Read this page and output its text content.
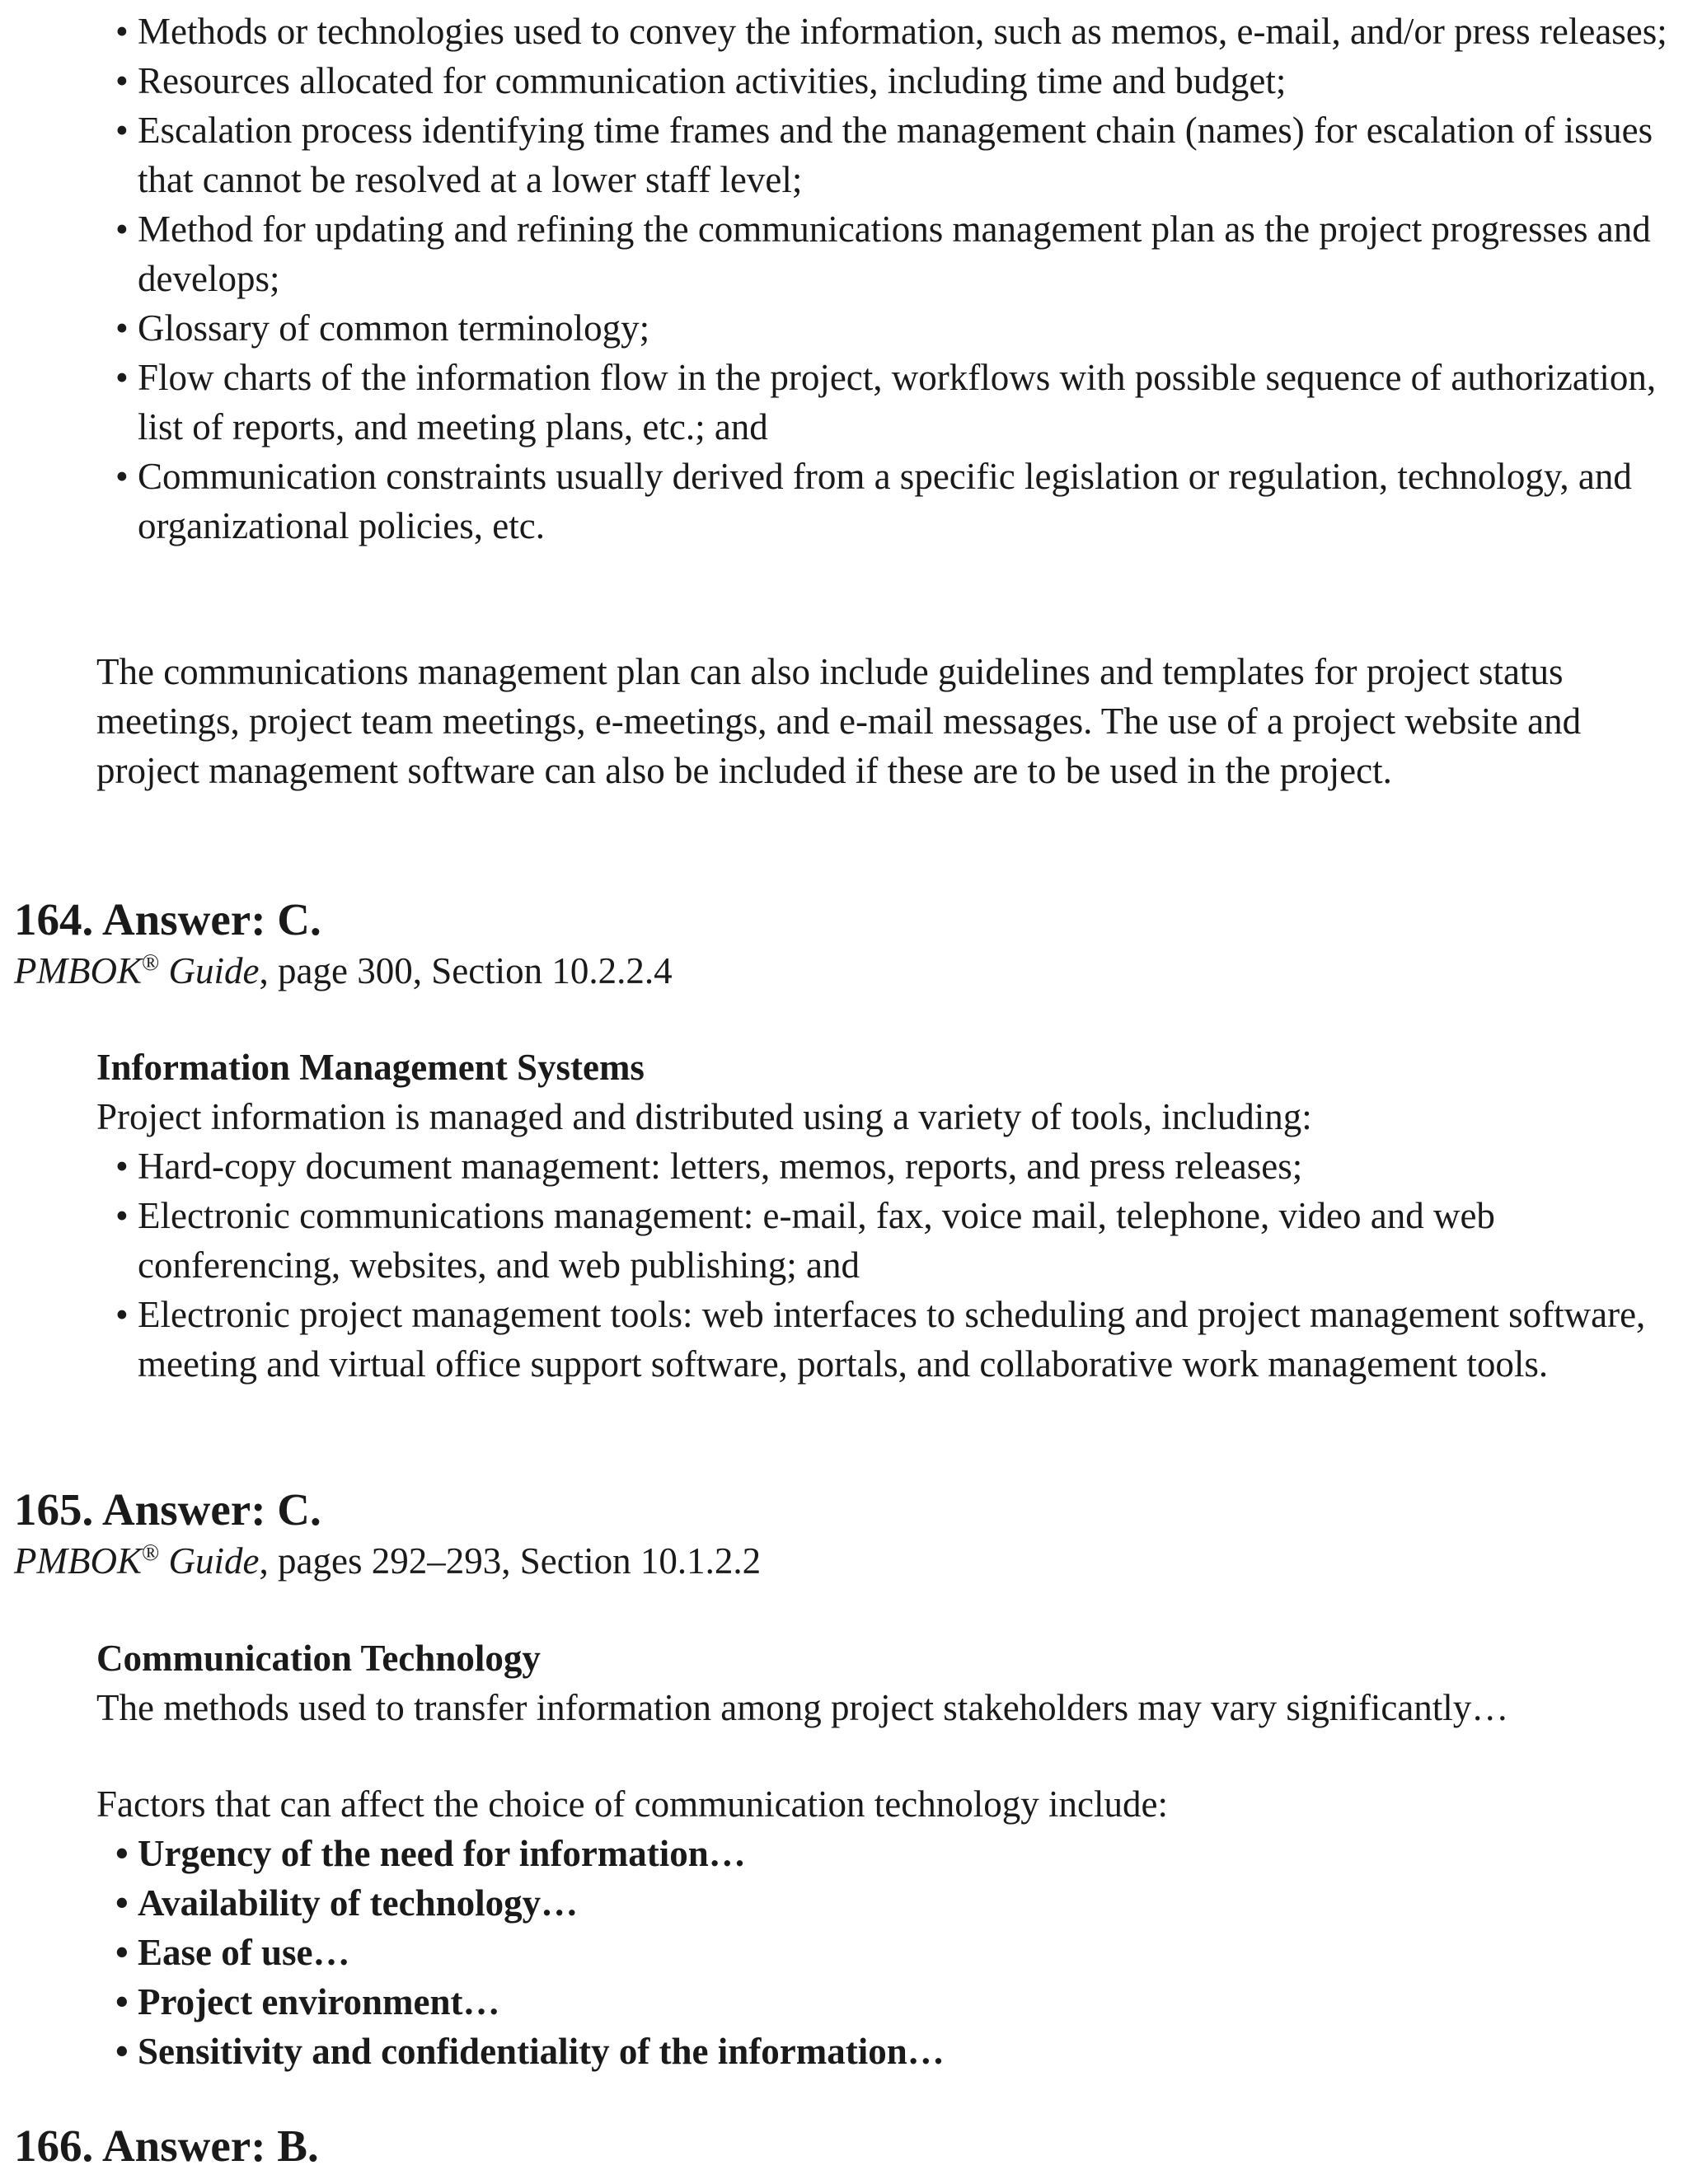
• Methods or technologies used to convey the information, such as memos, e-mail, and/or press releases;
• Resources allocated for communication activities, including time and budget;
• Escalation process identifying time frames and the management chain (names) for escalation of issues that cannot be resolved at a lower staff level;
• Method for updating and refining the communications management plan as the project progresses and develops;
• Glossary of common terminology;
• Flow charts of the information flow in the project, workflows with possible sequence of authorization, list of reports, and meeting plans, etc.; and
• Communication constraints usually derived from a specific legislation or regulation, technology, and organizational policies, etc.

The communications management plan can also include guidelines and templates for project status meetings, project team meetings, e-meetings, and e-mail messages. The use of a project website and project management software can also be included if these are to be used in the project.

164. Answer: C.

PMBOK® Guide, page 300, Section 10.2.2.4

Information Management Systems

Project information is managed and distributed using a variety of tools, including:

• Hard-copy document management: letters, memos, reports, and press releases;
• Electronic communications management: e-mail, fax, voice mail, telephone, video and web conferencing, websites, and web publishing; and
• Electronic project management tools: web interfaces to scheduling and project management software, meeting and virtual office support software, portals, and collaborative work management tools.
165. Answer: C.

PMBOK® Guide, pages 292–293, Section 10.1.2.2

Communication Technology

The methods used to transfer information among project stakeholders may vary significantly…

Factors that can affect the choice of communication technology include:

• Urgency of the need for information…
• Availability of technology…
• Ease of use…
• Project environment…
• Sensitivity and confidentiality of the information…
166. Answer: B.
